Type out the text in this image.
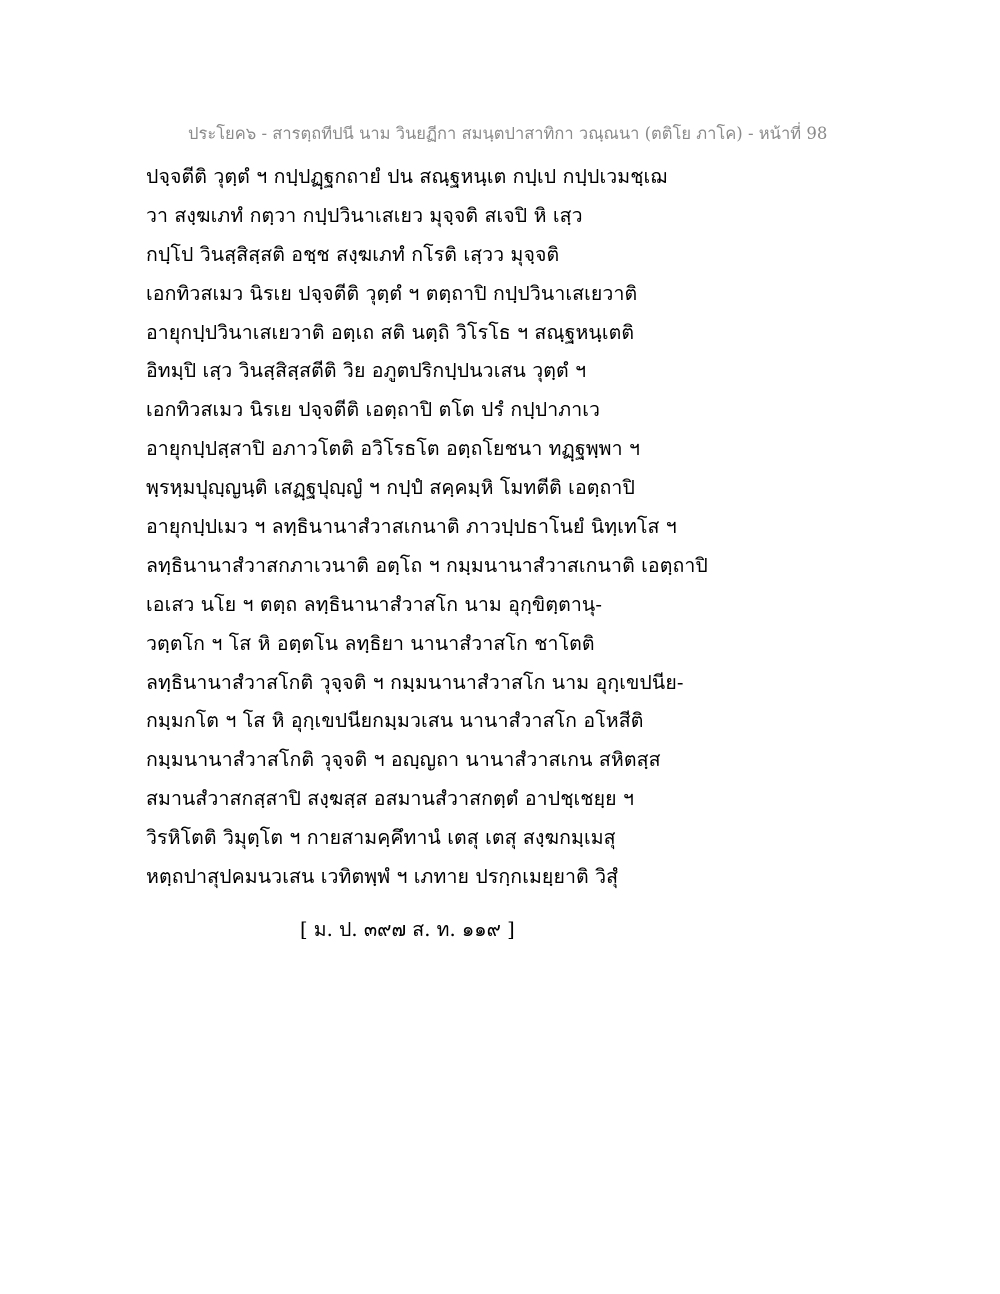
ประโยค๖ - สารตฺถทีปนี นาม วินยฏีกา สมนฺตปาสาทิกา วณฺณนา (ตติโย ภาโค) - หน้าที่ 98
ปจฺจตีติ วุตฺตํ ฯ กปฺปฏฺฐกถายํ ปน สณฺฐหนฺเต กปฺเป กปฺปเวมชฺเฌ
วา สงฺฆเภทํ กตฺวา กปฺปวินาเสเยว มุจฺจติ สเจปิ หิ เสฺว
กปฺโป วินสฺสิสฺสติ อชฺช สงฺฆเภทํ กโรติ เสฺวว มุจฺจติ
เอกทิวสเมว นิรเย ปจฺจตีติ วุตฺตํ ฯ ตตฺถาปิ กปฺปวินาเสเยวาติ
อายุกปฺปวินาเสเยวาติ อตฺเถ สติ นตฺถิ วิโรโธ ฯ สณฺฐหนฺเตติ
อิทมฺปิ เสฺว วินสฺสิสฺสตีติ วิย อภูตปริกปฺปนวเสน วุตฺตํ ฯ
เอกทิวสเมว นิรเย ปจฺจตีติ เอตฺถาปิ ตโต ปรํ กปฺปาภาเว
อายุกปฺปสฺสาปิ อภาวโตติ อวิโรธโต อตฺถโยชนา ทฏฺฐพฺพา ฯ
พฺรหฺมปุญฺญนฺติ เสฏฺฐปุญฺญํ ฯ กปฺปํ สคฺคมฺหิ โมทตีติ เอตฺถาปิ
อายุกปฺปเมว ฯ ลทฺธินานาสํวาสเกนาติ ภาวปฺปธาโนยํ นิทฺเทโส ฯ
ลทฺธินานาสํวาสกภาเวนาติ อตฺโถ ฯ กมฺมนานาสํวาสเกนาติ เอตฺถาปิ
เอเสว นโย ฯ ตตฺถ ลทฺธินานาสํวาสโก นาม อุกฺขิตฺตานุ-
วตฺตโก ฯ โส หิ อตฺตโน ลทฺธิยา นานาสํวาสโก ชาโตติ
ลทฺธินานาสํวาสโกติ วุจฺจติ ฯ กมฺมนานาสํวาสโก นาม อุกฺเขปนีย-
กมฺมกโต ฯ โส หิ อุกฺเขปนียกมฺมวเสน นานาสํวาสโก อโหสีติ
กมฺมนานาสํวาสโกติ วุจฺจติ ฯ อญฺญถา นานาสํวาสเกน สหิตสฺส
สมานสํวาสกสฺสาปิ สงฺฆสฺส อสมานสํวาสกตฺตํ อาปชฺเชยฺย ฯ
วิรหิโตติ วิมุตฺโต ฯ กายสามคฺคึทานํ เตสุ เตสุ สงฺฆกมฺเมสุ
หตฺถปาสุปคมนวเสน เวทิตพฺพํ ฯ เภทาย ปรกฺกเมยฺยาติ วิสุํ
[ ม. ป. ๓๙๗ ส. ท. ๑๑๙ ]
